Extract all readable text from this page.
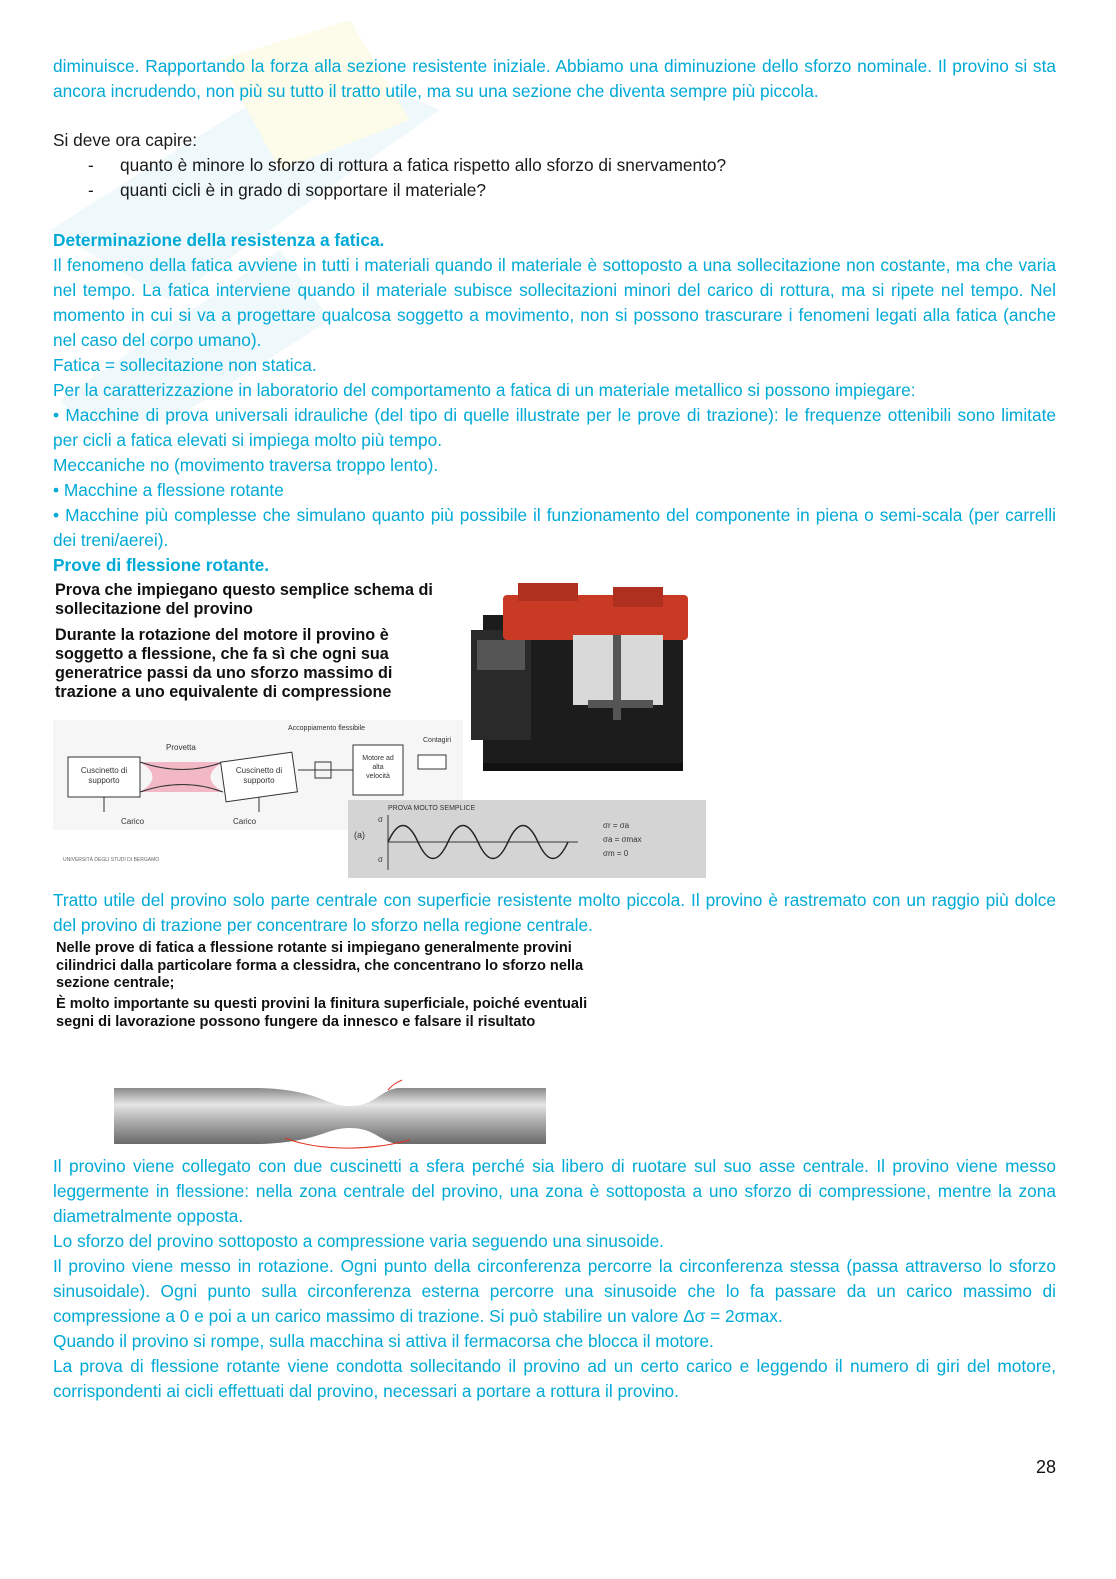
diminuisce. Rapportando la forza alla sezione resistente iniziale. Abbiamo una diminuzione dello sforzo nominale. Il provino si sta ancora incrudendo, non più su tutto il tratto utile, ma su una sezione che diventa sempre più piccola.

Si deve ora capire:

- quanto è minore lo sforzo di rottura a fatica rispetto allo sforzo di snervamento?
- quanti cicli è in grado di sopportare il materiale?

Determinazione della resistenza a fatica.

Il fenomeno della fatica avviene in tutti i materiali quando il materiale è sottoposto a una sollecitazione non costante, ma che varia nel tempo. La fatica interviene quando il materiale subisce sollecitazioni minori del carico di rottura, ma si ripete nel tempo. Nel momento in cui si va a progettare qualcosa soggetto a movimento, non si possono trascurare i fenomeni legati alla fatica (anche nel caso del corpo umano).

Fatica = sollecitazione non statica.

Per la caratterizzazione in laboratorio del comportamento a fatica di un materiale metallico si possono impiegare:

• Macchine di prova universali idrauliche (del tipo di quelle illustrate per le prove di trazione): le frequenze ottenibili sono limitate per cicli a fatica elevati si impiega molto più tempo.

Meccaniche no (movimento traversa troppo lento).

• Macchine a flessione rotante

• Macchine più complesse che simulano quanto più possibile il funzionamento del componente in piena o semi-scala (per carrelli dei treni/aerei).

Prove di flessione rotante.

Prova che impiegano questo semplice schema di

sollecitazione del provino

Durante la rotazione del motore il provino è

soggetto a flessione, che fa sì che ogni sua

generatrice passi da uno sforzo massimo di

trazione a uno equivalente di compressione

Cuscinetto di
supporto
Provetta
Cuscinetto di
supporto
Accoppiamento flessibile
Motore ad
alta
velocità
Contagiri
Carico	Carico
PROVA MOLTO SEMPLICE
(a)
σ
σ
σr = σa
σa = σmax
σm = 0
UNIVERSITÀ DEGLI STUDI DI BERGAMO

Tratto utile del provino solo parte centrale con superficie resistente molto piccola. Il provino è rastremato con un raggio più dolce del provino di trazione per concentrare lo sforzo nella regione centrale.

Nelle prove di fatica a flessione rotante si impiegano generalmente provini

cilindrici dalla particolare forma a clessidra, che concentrano lo sforzo nella

sezione centrale;

È molto importante su questi provini la finitura superficiale, poiché eventuali

segni di lavorazione possono fungere da innesco e falsare il risultato

Il provino viene collegato con due cuscinetti a sfera perché sia libero di ruotare sul suo asse centrale. Il provino viene messo leggermente in flessione: nella zona centrale del provino, una zona è sottoposta a uno sforzo di compressione, mentre la zona diametralmente opposta.

Lo sforzo del provino sottoposto a compressione varia seguendo una sinusoide.

Il provino viene messo in rotazione. Ogni punto della circonferenza percorre la circonferenza stessa (passa attraverso lo sforzo sinusoidale). Ogni punto sulla circonferenza esterna percorre una sinusoide che lo fa passare da un carico massimo di compressione a 0 e poi a un carico massimo di trazione. Si può stabilire un valore Δσ = 2σmax.

Quando il provino si rompe, sulla macchina si attiva il fermacorsa che blocca il motore.

La prova di flessione rotante viene condotta sollecitando il provino ad un certo carico e leggendo il numero di giri del motore, corrispondenti ai cicli effettuati dal provino, necessari a portare a rottura il provino.

28
